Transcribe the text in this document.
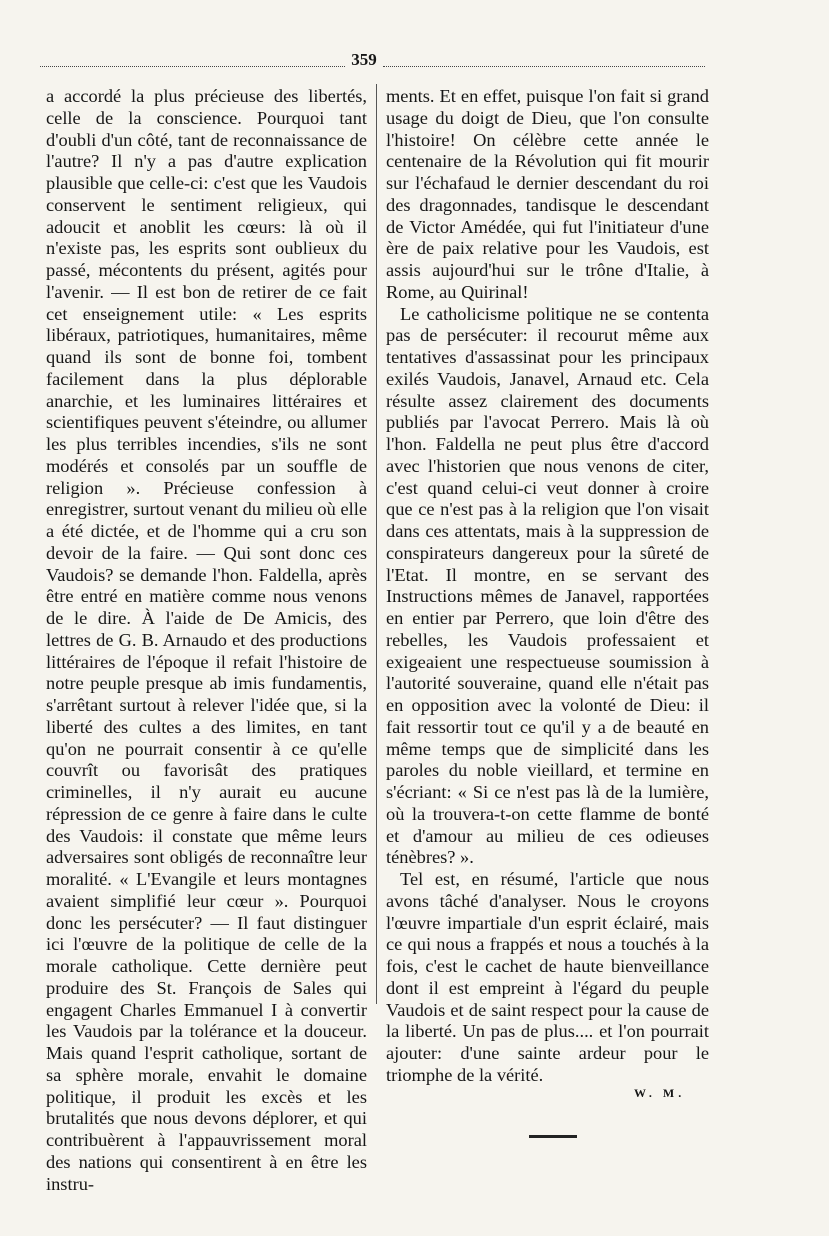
359

a accordé la plus précieuse des libertés, celle de la conscience. Pourquoi tant d'oubli d'un côté, tant de reconnaissance de l'autre? Il n'y a pas d'autre explication plausible que celle-ci: c'est que les Vaudois conservent le sentiment religieux, qui adoucit et anoblit les cœurs: là où il n'existe pas, les esprits sont oublieux du passé, mécontents du présent, agités pour l'avenir. — Il est bon de retirer de ce fait cet enseignement utile: « Les esprits libéraux, patriotiques, humanitaires, même quand ils sont de bonne foi, tombent facilement dans la plus déplorable anarchie, et les luminaires littéraires et scientifiques peuvent s'éteindre, ou allumer les plus terribles incendies, s'ils ne sont modérés et consolés par un souffle de religion ». Précieuse confession à enregistrer, surtout venant du milieu où elle a été dictée, et de l'homme qui a cru son devoir de la faire. — Qui sont donc ces Vaudois? se demande l'hon. Faldella, après être entré en matière comme nous venons de le dire. À l'aide de De Amicis, des lettres de G. B. Arnaudo et des productions littéraires de l'époque il refait l'histoire de notre peuple presque ab imis fundamentis, s'arrêtant surtout à relever l'idée que, si la liberté des cultes a des limites, en tant qu'on ne pourrait consentir à ce qu'elle couvrît ou favorisât des pratiques criminelles, il n'y aurait eu aucune répression de ce genre à faire dans le culte des Vaudois: il constate que même leurs adversaires sont obligés de reconnaître leur moralité. « L'Evangile et leurs montagnes avaient simplifié leur cœur ». Pourquoi donc les persécuter? — Il faut distinguer ici l'œuvre de la politique de celle de la morale catholique. Cette dernière peut produire des St. François de Sales qui engagent Charles Emmanuel I à convertir les Vaudois par la tolérance et la douceur. Mais quand l'esprit catholique, sortant de sa sphère morale, envahit le domaine politique, il produit les excès et les brutalités que nous devons déplorer, et qui contribuèrent à l'appauvrissement moral des nations qui consentirent à en être les instru-

ments. Et en effet, puisque l'on fait si grand usage du doigt de Dieu, que l'on consulte l'histoire! On célèbre cette année le centenaire de la Révolution qui fit mourir sur l'échafaud le dernier descendant du roi des dragonnades, tandisque le descendant de Victor Amédée, qui fut l'initiateur d'une ère de paix relative pour les Vaudois, est assis aujourd'hui sur le trône d'Italie, à Rome, au Quirinal!

Le catholicisme politique ne se contenta pas de persécuter: il recourut même aux tentatives d'assassinat pour les principaux exilés Vaudois, Janavel, Arnaud etc. Cela résulte assez clairement des documents publiés par l'avocat Perrero. Mais là où l'hon. Faldella ne peut plus être d'accord avec l'historien que nous venons de citer, c'est quand celui-ci veut donner à croire que ce n'est pas à la religion que l'on visait dans ces attentats, mais à la suppression de conspirateurs dangereux pour la sûreté de l'Etat. Il montre, en se servant des Instructions mêmes de Janavel, rapportées en entier par Perrero, que loin d'être des rebelles, les Vaudois professaient et exigeaient une respectueuse soumission à l'autorité souveraine, quand elle n'était pas en opposition avec la volonté de Dieu: il fait ressortir tout ce qu'il y a de beauté en même temps que de simplicité dans les paroles du noble vieillard, et termine en s'écriant: « Si ce n'est pas là de la lumière, où la trouvera-t-on cette flamme de bonté et d'amour au milieu de ces odieuses ténèbres? ».

Tel est, en résumé, l'article que nous avons tâché d'analyser. Nous le croyons l'œuvre impartiale d'un esprit éclairé, mais ce qui nous a frappés et nous a touchés à la fois, c'est le cachet de haute bienveillance dont il est empreint à l'égard du peuple Vaudois et de saint respect pour la cause de la liberté. Un pas de plus.... et l'on pourrait ajouter: d'une sainte ardeur pour le triomphe de la vérité.

W. M.
